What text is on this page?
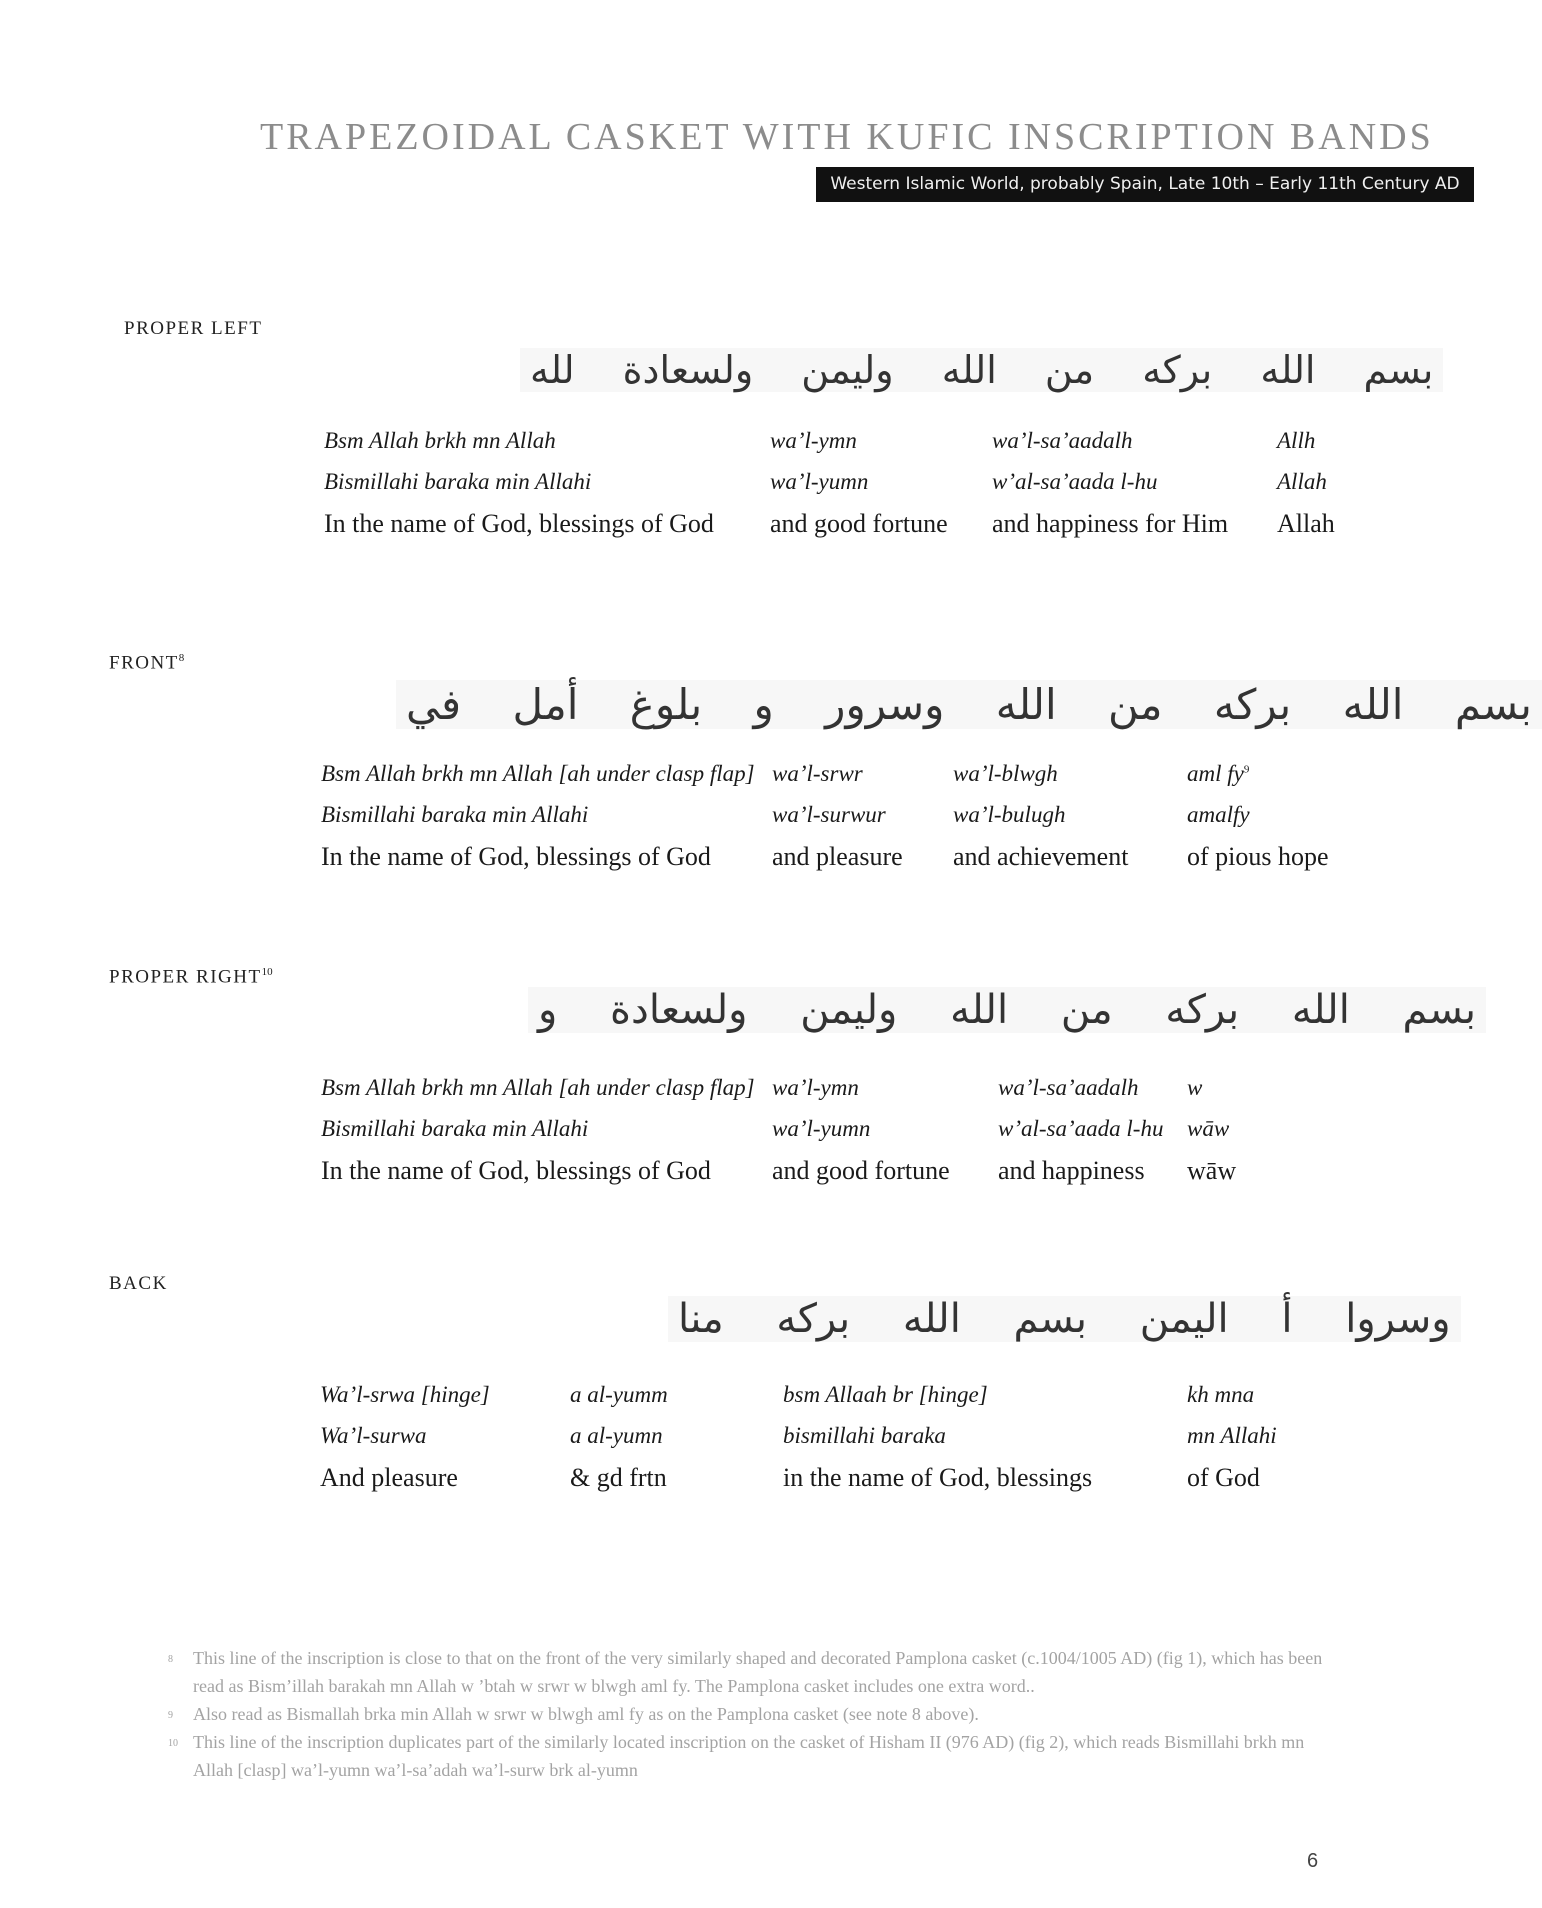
TRAPEZOIDAL CASKET WITH KUFIC INSCRIPTION BANDS
Western Islamic World, probably Spain, Late 10th – Early 11th Century AD
PROPER LEFT
بسم الله بركه من الله وليمن ولسعادة لله
Bsm Allah brkh mn Allah
Bismillahi baraka min Allahi
In the name of God, blessings of God
wa’l-ymn
wa’l-yumn
and good fortune
wa’l-sa’aadalh
w’al-sa’aada l-hu
and happiness for Him
Allh
Allah
Allah
FRONT$^8$
بسم الله بركه من الله وسرور و بلوغ أمل في
Bsm Allah brkh mn Allah [ah under clasp flap]
Bismillahi baraka min Allahi
In the name of God, blessings of God
wa’l-srwr
wa’l-surwur
and pleasure
wa’l-blwgh
wa’l-bulugh
and achievement
aml $fy^9$
amalfy
of pious hope
PROPER RIGHT$^{10}$
بسم الله بركه من الله وليمن ولسعادة و
Bsm Allah brkh mn Allah [ah under clasp flap]
Bismillahi baraka min Allahi
In the name of God, blessings of God
wa’l-ymn
wa’l-yumn
and good fortune
wa’l-sa’aadalh
w’al-sa’aada l-hu
and happiness
w
wāw
wāw
BACK
وسروا أ اليمن بسم الله بركه منا
Wa’l-srwa [hinge]
Wa’l-surwa
And pleasure
a al-yumm
a al-yumn
& gd frtn
bsm Allaah br [hinge]
bismillahi baraka
in the name of God, blessings
kh mna
mn Allahi
of God
8 This line of the inscription is close to that on the front of the very similarly shaped and decorated Pamplona casket (c.1004/1005 AD) (fig 1), which has been read as Bism’illah barakah mn Allah w ’btah w srwr w blwgh aml fy. The Pamplona casket includes one extra word..
9 Also read as Bismallah brka min Allah w srwr w blwgh aml fy as on the Pamplona casket (see note 8 above).
10 This line of the inscription duplicates part of the similarly located inscription on the casket of Hisham II (976 AD) (fig 2), which reads Bismillahi brkh mn Allah [clasp] wa’l-yumn wa’l-sa’adah wa’l-surw brk al-yumn
6
